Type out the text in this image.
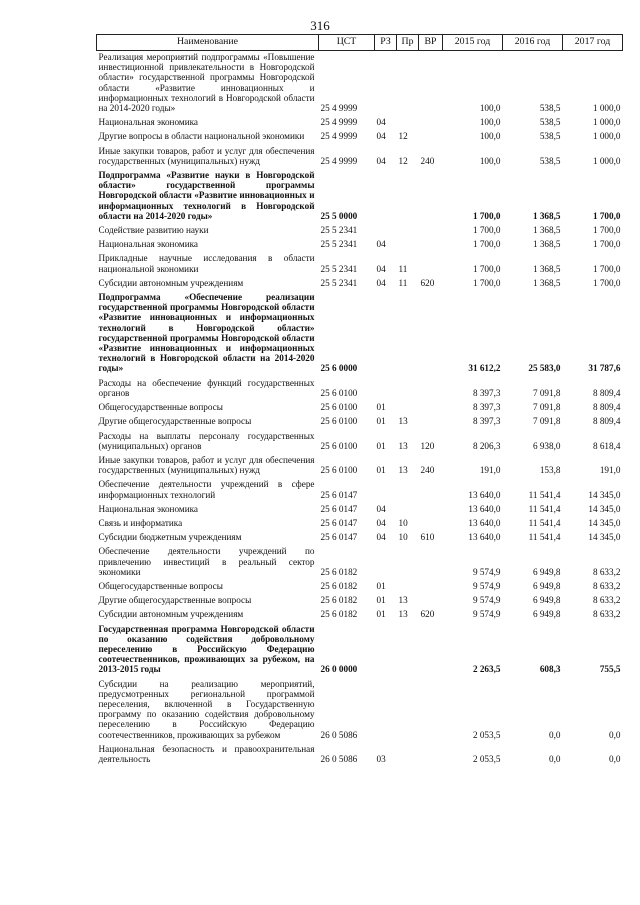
316
Наименование	ЦСТ	РЗ	Пр	ВР	2015 год	2016 год	2017 год
Реализация мероприятий подпрограммы «Повышение инвестиционной привлекательности в Новгородской области» государственной программы Новгородской области «Развитие инновационных и информационных технологий в Новгородской области на 2014-2020 годы»	25 4 9999				100,0	538,5	1 000,0
Национальная экономика	25 4 9999	04			100,0	538,5	1 000,0
Другие вопросы в области национальной экономики	25 4 9999	04	12		100,0	538,5	1 000,0
Иные закупки товаров, работ и услуг для обеспечения государственных (муниципальных) нужд	25 4 9999	04	12	240	100,0	538,5	1 000,0
Подпрограмма «Развитие науки в Новгородской области» государственной программы Новгородской области «Развитие инновационных и информационных технологий в Новгородской области на 2014-2020 годы»	25 5 0000				1 700,0	1 368,5	1 700,0
Содействие развитию науки	25 5 2341				1 700,0	1 368,5	1 700,0
Национальная экономика	25 5 2341	04			1 700,0	1 368,5	1 700,0
Прикладные научные исследования в области национальной экономики	25 5 2341	04	11		1 700,0	1 368,5	1 700,0
Субсидии автономным учреждениям	25 5 2341	04	11	620	1 700,0	1 368,5	1 700,0
Подпрограмма «Обеспечение реализации государственной программы Новгородской области «Развитие инновационных и информационных технологий в Новгородской области» государственной программы Новгородской области «Развитие инновационных и информационных технологий в Новгородской области на 2014-2020 годы»	25 6 0000				31 612,2	25 583,0	31 787,6
Расходы на обеспечение функций государственных органов	25 6 0100				8 397,3	7 091,8	8 809,4
Общегосударственные вопросы	25 6 0100	01			8 397,3	7 091,8	8 809,4
Другие общегосударственные вопросы	25 6 0100	01	13		8 397,3	7 091,8	8 809,4
Расходы на выплаты персоналу государственных (муниципальных) органов	25 6 0100	01	13	120	8 206,3	6 938,0	8 618,4
Иные закупки товаров, работ и услуг для обеспечения государственных (муниципальных) нужд	25 6 0100	01	13	240	191,0	153,8	191,0
Обеспечение деятельности учреждений в сфере информационных технологий	25 6 0147				13 640,0	11 541,4	14 345,0
Национальная экономика	25 6 0147	04			13 640,0	11 541,4	14 345,0
Связь и информатика	25 6 0147	04	10		13 640,0	11 541,4	14 345,0
Субсидии бюджетным учреждениям	25 6 0147	04	10	610	13 640,0	11 541,4	14 345,0
Обеспечение деятельности учреждений по привлечению инвестиций в реальный сектор экономики	25 6 0182				9 574,9	6 949,8	8 633,2
Общегосударственные вопросы	25 6 0182	01			9 574,9	6 949,8	8 633,2
Другие общегосударственные вопросы	25 6 0182	01	13		9 574,9	6 949,8	8 633,2
Субсидии автономным учреждениям	25 6 0182	01	13	620	9 574,9	6 949,8	8 633,2
Государственная программа Новгородской области по оказанию содействия добровольному переселению в Российскую Федерацию соотечественников, проживающих за рубежом, на 2013-2015 годы	26 0 0000				2 263,5	608,3	755,5
Субсидии на реализацию мероприятий, предусмотренных региональной программой переселения, включенной в Государственную программу по оказанию содействия добровольному переселению в Российскую Федерацию соотечественников, проживающих за рубежом	26 0 5086				2 053,5	0,0	0,0
Национальная безопасность и правоохранительная деятельность	26 0 5086	03			2 053,5	0,0	0,0
